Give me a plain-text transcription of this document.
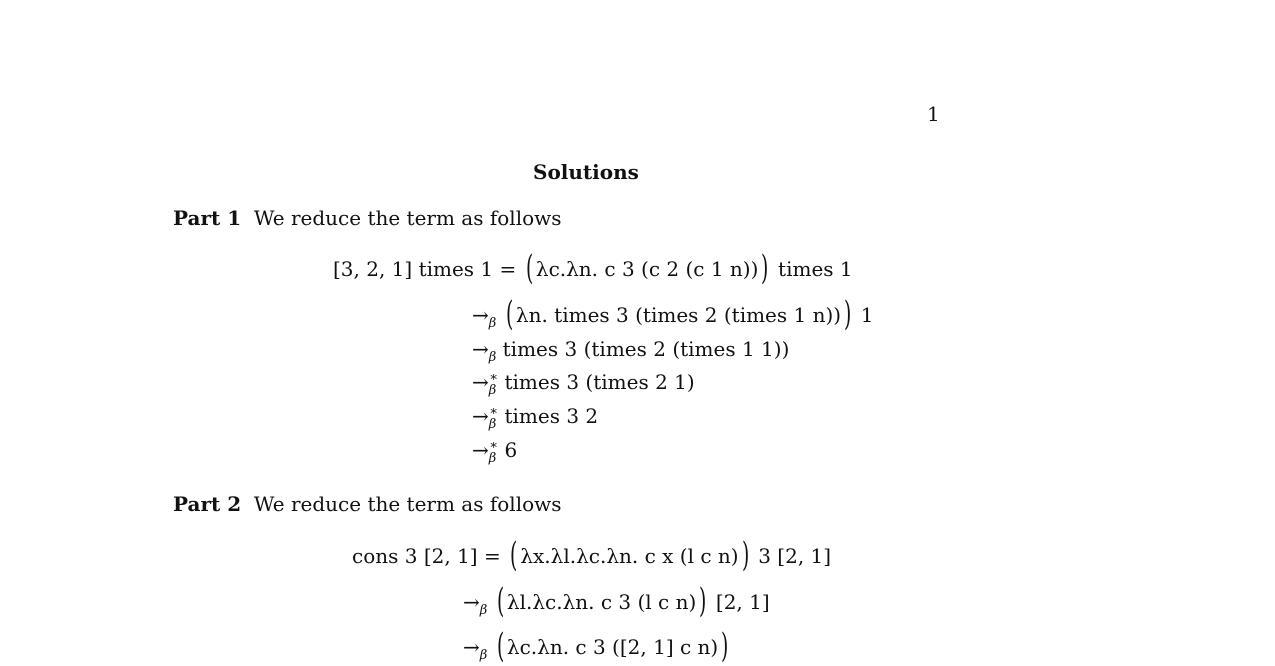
1
Solutions
Part 1 We reduce the term as follows
[3, 2, 1] times 1 = ( λc.λn. c 3 (c 2 (c 1 n))) times 1
$\to_\beta$ ( λn. times 3 (times 2 (times 1 n))) 1
$\to_\beta$ times 3 (times 2 (times 1 1))
$\to_\beta^∗$ times 3 (times 2 1)
$\to_\beta^∗$ times 3 2
$\to_\beta^∗$ 6
Part 2 We reduce the term as follows
cons 3 [2, 1] = ( λx.λl.λc.λn. c x (l c n)) 3 [2, 1]
$\to_\beta$ ( λl.λc.λn. c 3 (l c n)) [2, 1]
$\to_\beta$ ( λc.λn. c 3 ([2, 1] c n))
